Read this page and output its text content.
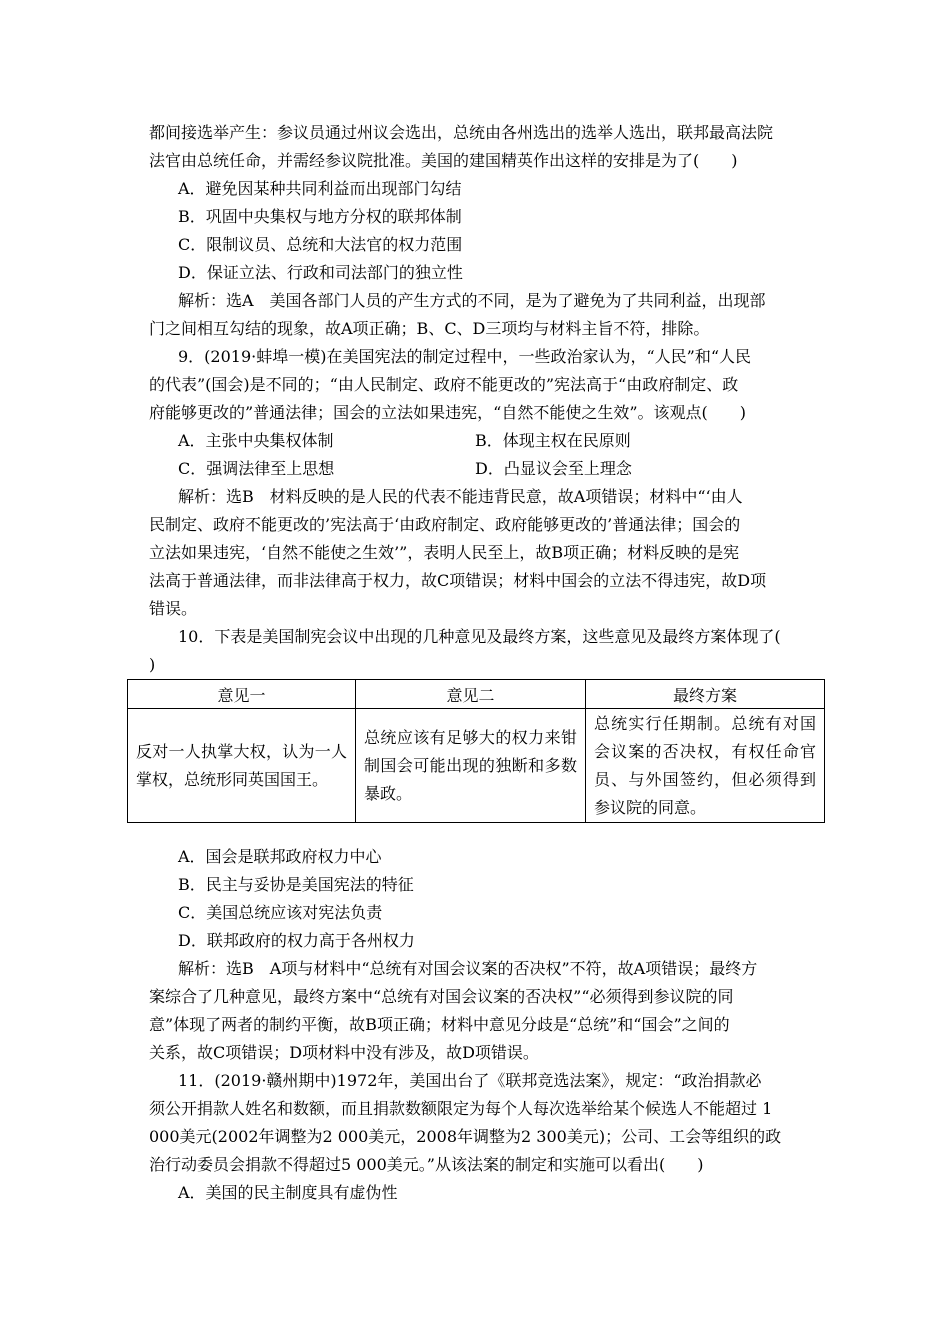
都间接选举产生：参议员通过州议会选出，总统由各州选出的选举人选出，联邦最高法院

法官由总统任命，并需经参议院批准。美国的建国精英作出这样的安排是为了(　　)

A．避免因某种共同利益而出现部门勾结

B．巩固中央集权与地方分权的联邦体制

C．限制议员、总统和大法官的权力范围

D．保证立法、行政和司法部门的独立性

解析：选A　美国各部门人员的产生方式的不同，是为了避免为了共同利益，出现部

门之间相互勾结的现象，故A项正确；B、C、D三项均与材料主旨不符，排除。

9．(2019·蚌埠一模)在美国宪法的制定过程中，一些政治家认为，“人民”和“人民

的代表”(国会)是不同的；“由人民制定、政府不能更改的”宪法高于“由政府制定、政

府能够更改的”普通法律；国会的立法如果违宪，“自然不能使之生效”。该观点(　　)

A．主张中央集权体制	B．体现主权在民原则

C．强调法律至上思想	D．凸显议会至上理念

解析：选B　材料反映的是人民的代表不能违背民意，故A项错误；材料中“‘由人

民制定、政府不能更改的’宪法高于‘由政府制定、政府能够更改的’普通法律；国会的

立法如果违宪，‘自然不能使之生效’”，表明人民至上，故B项正确；材料反映的是宪

法高于普通法律，而非法律高于权力，故C项错误；材料中国会的立法不得违宪，故D项

错误。

10．下表是美国制宪会议中出现的几种意见及最终方案，这些意见及最终方案体现了(

)

意见一	意见二	最终方案

反对一人执掌大权，认为一人掌权，总统形同英国国王。	总统应该有足够大的权力来钳制国会可能出现的独断和多数暴政。	总统实行任期制。总统有对国会议案的否决权，有权任命官员、与外国签约，但必须得到参议院的同意。

A．国会是联邦政府权力中心

B．民主与妥协是美国宪法的特征

C．美国总统应该对宪法负责

D．联邦政府的权力高于各州权力

解析：选B　A项与材料中“总统有对国会议案的否决权”不符，故A项错误；最终方

案综合了几种意见，最终方案中“总统有对国会议案的否决权”“必须得到参议院的同

意”体现了两者的制约平衡，故B项正确；材料中意见分歧是“总统”和“国会”之间的

关系，故C项错误；D项材料中没有涉及，故D项错误。

11．(2019·赣州期中)1972年，美国出台了《联邦竞选法案》，规定：“政治捐款必

须公开捐款人姓名和数额，而且捐款数额限定为每个人每次选举给某个候选人不能超过 1

000美元(2002年调整为2 000美元，2008年调整为2 300美元)；公司、工会等组织的政

治行动委员会捐款不得超过5 000美元。”从该法案的制定和实施可以看出(　　)

A．美国的民主制度具有虚伪性
